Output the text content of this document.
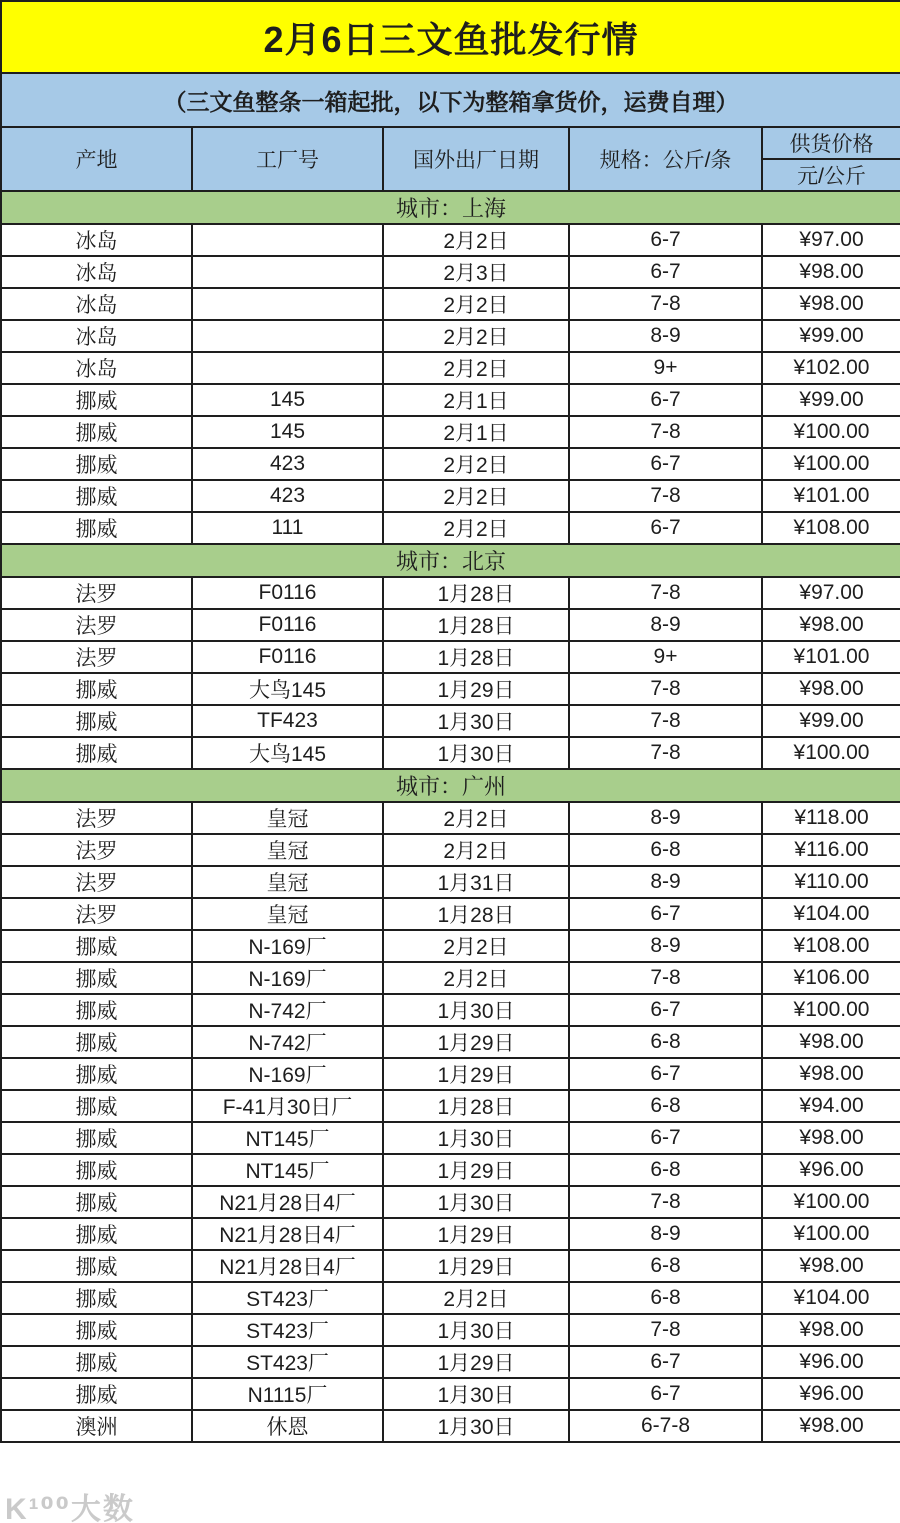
2月6日三文鱼批发行情				
（三文鱼整条一箱起批，以下为整箱拿货价，运费自理）				
产地	工厂号	国外出厂日期	规格：公斤/条	供货价格
				元/公斤
城市：上海				
冰岛		2月2日	6-7	¥97.00
冰岛		2月3日	6-7	¥98.00
冰岛		2月2日	7-8	¥98.00
冰岛		2月2日	8-9	¥99.00
冰岛		2月2日	9+	¥102.00
挪威	145	2月1日	6-7	¥99.00
挪威	145	2月1日	7-8	¥100.00
挪威	423	2月2日	6-7	¥100.00
挪威	423	2月2日	7-8	¥101.00
挪威	111	2月2日	6-7	¥108.00
城市：北京				
法罗	F0116	1月28日	7-8	¥97.00
法罗	F0116	1月28日	8-9	¥98.00
法罗	F0116	1月28日	9+	¥101.00
挪威	大鸟145	1月29日	7-8	¥98.00
挪威	TF423	1月30日	7-8	¥99.00
挪威	大鸟145	1月30日	7-8	¥100.00
城市：广州				
法罗	皇冠	2月2日	8-9	¥118.00
法罗	皇冠	2月2日	6-8	¥116.00
法罗	皇冠	1月31日	8-9	¥110.00
法罗	皇冠	1月28日	6-7	¥104.00
挪威	N-169厂	2月2日	8-9	¥108.00
挪威	N-169厂	2月2日	7-8	¥106.00
挪威	N-742厂	1月30日	6-7	¥100.00
挪威	N-742厂	1月29日	6-8	¥98.00
挪威	N-169厂	1月29日	6-7	¥98.00
挪威	F-41月30日厂	1月28日	6-8	¥94.00
挪威	NT145厂	1月30日	6-7	¥98.00
挪威	NT145厂	1月29日	6-8	¥96.00
挪威	N21月28日4厂	1月30日	7-8	¥100.00
挪威	N21月28日4厂	1月29日	8-9	¥100.00
挪威	N21月28日4厂	1月29日	6-8	¥98.00
挪威	ST423厂	2月2日	6-8	¥104.00
挪威	ST423厂	1月30日	7-8	¥98.00
挪威	ST423厂	1月29日	6-7	¥96.00
挪威	N1115厂	1月30日	6-7	¥96.00
澳洲	休恩	1月30日	6-7-8	¥98.00
K¹⁰⁰大数
